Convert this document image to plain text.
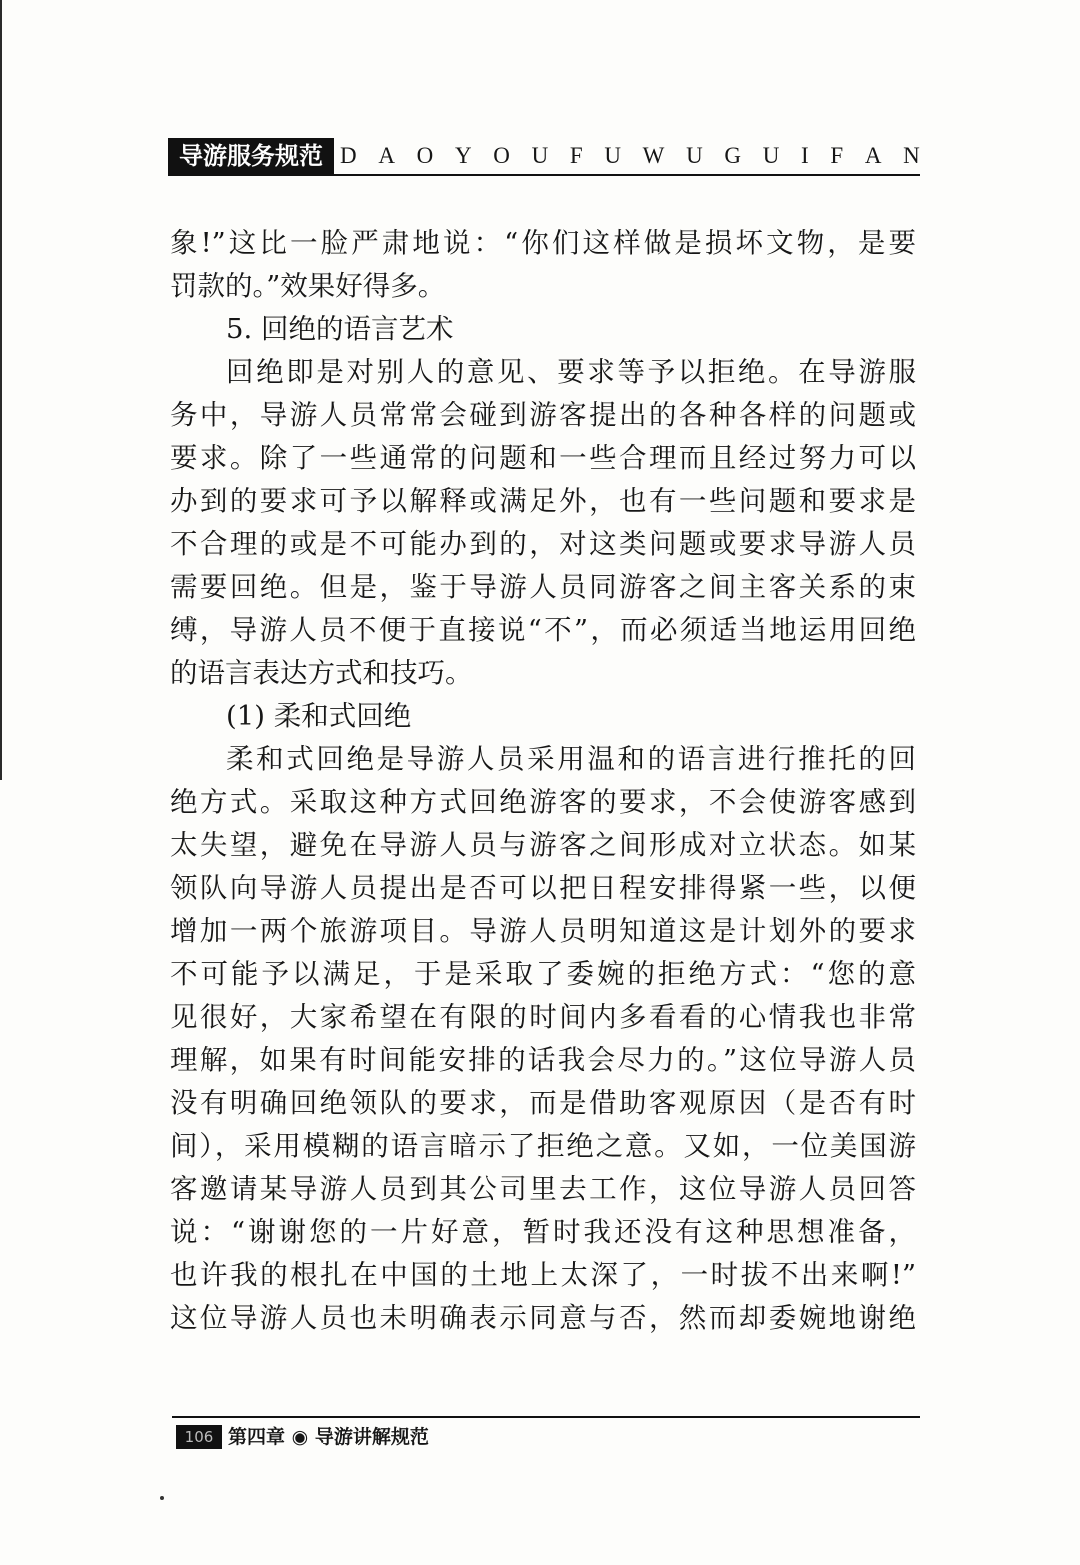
导游服务规范 D A O Y O U F U W U G U I F A N
象!”这比一脸严肃地说：“你们这样做是损坏文物，是要
罚款的。”效果好得多。
5. 回绝的语言艺术
回绝即是对别人的意见、要求等予以拒绝。在导游服
务中，导游人员常常会碰到游客提出的各种各样的问题或
要求。除了一些通常的问题和一些合理而且经过努力可以
办到的要求可予以解释或满足外，也有一些问题和要求是
不合理的或是不可能办到的，对这类问题或要求导游人员
需要回绝。但是，鉴于导游人员同游客之间主客关系的束
缚，导游人员不便于直接说“不”，而必须适当地运用回绝
的语言表达方式和技巧。
(1) 柔和式回绝
柔和式回绝是导游人员采用温和的语言进行推托的回
绝方式。采取这种方式回绝游客的要求，不会使游客感到
太失望，避免在导游人员与游客之间形成对立状态。如某
领队向导游人员提出是否可以把日程安排得紧一些，以便
增加一两个旅游项目。导游人员明知道这是计划外的要求
不可能予以满足，于是采取了委婉的拒绝方式：“您的意
见很好，大家希望在有限的时间内多看看的心情我也非常
理解，如果有时间能安排的话我会尽力的。”这位导游人员
没有明确回绝领队的要求，而是借助客观原因（是否有时
间），采用模糊的语言暗示了拒绝之意。又如，一位美国游
客邀请某导游人员到其公司里去工作，这位导游人员回答
说：“谢谢您的一片好意，暂时我还没有这种思想准备，
也许我的根扎在中国的土地上太深了，一时拔不出来啊!”
这位导游人员也未明确表示同意与否，然而却委婉地谢绝
106 第四章 ◉ 导游讲解规范
